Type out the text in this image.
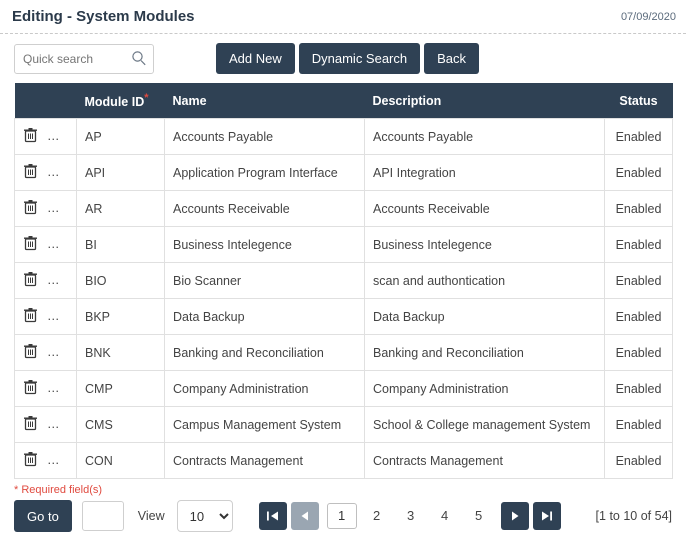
Editing - System Modules	07/09/2020
Quick search
Add New	Dynamic Search	Back
	Module ID*	Name	Description	Status
	AP	Accounts Payable	Accounts Payable	Enabled
	API	Application Program Interface	API Integration	Enabled
	AR	Accounts Receivable	Accounts Receivable	Enabled
	BI	Business Intelegence	Business Intelegence	Enabled
	BIO	Bio Scanner	scan and authontication	Enabled
	BKP	Data Backup	Data Backup	Enabled
	BNK	Banking and Reconciliation	Banking and Reconciliation	Enabled
	CMP	Company Administration	Company Administration	Enabled
	CMS	Campus Management System	School & College management System	Enabled
	CON	Contracts Management	Contracts Management	Enabled
* Required field(s)
Go to	View
10	1	2	3	4	5	[1 to 10 of 54]
